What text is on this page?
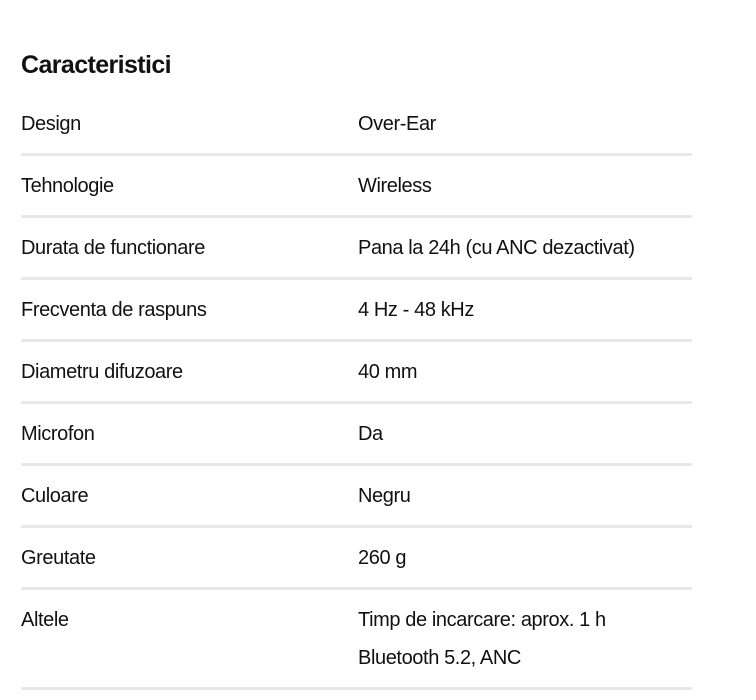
Caracteristici
Design	Over-Ear
Tehnologie	Wireless
Durata de functionare	Pana la 24h (cu ANC dezactivat)
Frecventa de raspuns	4 Hz - 48 kHz
Diametru difuzoare	40 mm
Microfon	Da
Culoare	Negru
Greutate	260 g
Altele	Timp de incarcare: aprox. 1 h
Bluetooth 5.2, ANC
